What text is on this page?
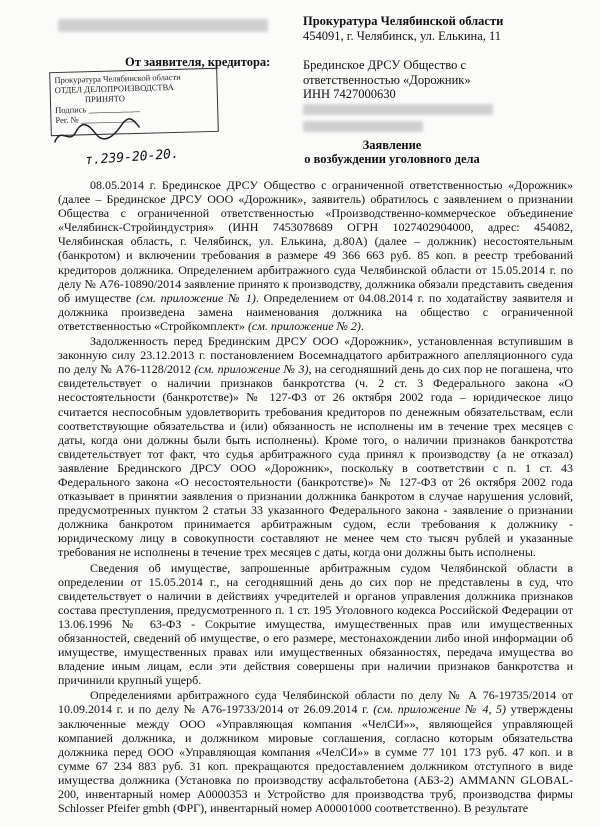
Прокуратура Челябинской области
454091, г. Челябинск, ул. Елькина, 11
От заявителя, кредитора:	Брединское ДРСУ Общество с
ответственностью «Дорожник»
ИНН 7427000630

Прокуратура Челябинской области
ОТДЕЛ ДЕЛОПРОИЗВОДСТВА
ПРИНЯТО
Подпись ____________
Рег. № _____________
т.239-20-20.
Заявление
о возбуждении уголовного дела

08.05.2014 г. Брединское ДРСУ Общество с ограниченной ответственностью «Дорожник» (далее – Брединское ДРСУ ООО «Дорожник», заявитель) обратилось с заявлением о признании Общества с ограниченной ответственностью «Производственно-коммерческое объединение «Челябинск-Стройиндустрия» (ИНН 7453078689 ОГРН 1027402904000, адрес: 454082, Челябинская область, г. Челябинск, ул. Елькина, д.80А) (далее – должник) несостоятельным (банкротом) и включении требования в размере 49 366 663 руб. 85 коп. в реестр требований кредиторов должника. Определением арбитражного суда Челябинской области от 15.05.2014 г. по делу № А76-10890/2014 заявление принято к производству, должника обязали представить сведения об имуществе (см. приложение № 1). Определением от 04.08.2014 г. по ходатайству заявителя и должника произведена замена наименования должника на общество с ограниченной ответственностью «Стройкомплект» (см. приложение № 2).

Задолженность перед Брединским ДРСУ ООО «Дорожник», установленная вступившим в законную силу 23.12.2013 г. постановлением Восемнадцатого арбитражного апелляционного суда по делу № А76-1128/2012 (см. приложение № 3), на сегодняшний день до сих пор не погашена, что свидетельствует о наличии признаков банкротства (ч. 2 ст. 3 Федерального закона «О несостоятельности (банкротстве)» № 127-ФЗ от 26 октября 2002 года – юридическое лицо считается неспособным удовлетворить требования кредиторов по денежным обязательствам, если соответствующие обязательства и (или) обязанность не исполнены им в течение трех месяцев с даты, когда они должны были быть исполнены). Кроме того, о наличии признаков банкротства свидетельствует тот факт, что судья арбитражного суда принял к производству (а не отказал) заявление Брединского ДРСУ ООО «Дорожник», поскольку в соответствии с п. 1 ст. 43 Федерального закона «О несостоятельности (банкротстве)» № 127-ФЗ от 26 октября 2002 года отказывает в принятии заявления о признании должника банкротом в случае нарушения условий, предусмотренных пунктом 2 статьи 33 указанного Федерального закона - заявление о признании должника банкротом принимается арбитражным судом, если требования к должнику - юридическому лицу в совокупности составляют не менее чем сто тысяч рублей и указанные требования не исполнены в течение трех месяцев с даты, когда они должны быть исполнены.

Сведения об имуществе, запрошенные арбитражным судом Челябинской области в определении от 15.05.2014 г., на сегодняшний день до сих пор не представлены в суд, что свидетельствует о наличии в действиях учредителей и органов управления должника признаков состава преступления, предусмотренного п. 1 ст. 195 Уголовного кодекса Российской Федерации от 13.06.1996 № 63-ФЗ - Сокрытие имущества, имущественных прав или имущественных обязанностей, сведений об имуществе, о его размере, местонахождении либо иной информации об имуществе, имущественных правах или имущественных обязанностях, передача имущества во владение иным лицам, если эти действия совершены при наличии признаков банкротства и причинили крупный ущерб.

Определениями арбитражного суда Челябинской области по делу № А 76-19735/2014 от 10.09.2014 г. и по делу № А76-19733/2014 от 26.09.2014 г. (см. приложение № 4, 5) утверждены заключенные между ООО «Управляющая компания «ЧелСИ»», являющейся управляющей компанией должника, и должником мировые соглашения, согласно которым обязательства должника перед ООО «Управляющая компания «ЧелСИ»» в сумме 77 101 173 руб. 47 коп. и в сумме 67 234 883 руб. 31 коп. прекращаются предоставлением должником отступного в виде имущества должника (Установка по производству асфальтобетона (АБЗ-2) AMMANN GLOBAL-200, инвентарный номер А0000353 и Устройство для производства труб, производства фирмы Schlosser Pfeifer gmbh (ФРГ), инвентарный номер А00001000 соответственно). В результате
